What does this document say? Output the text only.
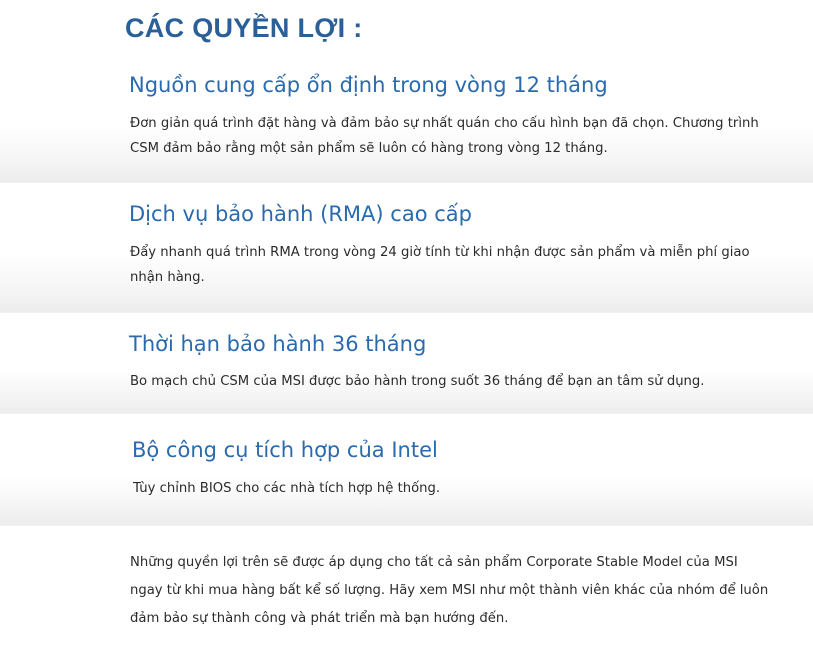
CÁC QUYỀN LỢI :
Nguồn cung cấp ổn định trong vòng 12 tháng

Đơn giản quá trình đặt hàng và đảm bảo sự nhất quán cho cấu hình bạn đã chọn. Chương trình CSM đảm bảo rằng một sản phẩm sẽ luôn có hàng trong vòng 12 tháng.

Dịch vụ bảo hành (RMA) cao cấp

Đẩy nhanh quá trình RMA trong vòng 24 giờ tính từ khi nhận được sản phẩm và miễn phí giao nhận hàng.

Thời hạn bảo hành 36 tháng

Bo mạch chủ CSM của MSI được bảo hành trong suốt 36 tháng để bạn an tâm sử dụng.

Bộ công cụ tích hợp của Intel

Tùy chỉnh BIOS cho các nhà tích hợp hệ thống.

Những quyền lợi trên sẽ được áp dụng cho tất cả sản phẩm Corporate Stable Model của MSI ngay từ khi mua hàng bất kể số lượng. Hãy xem MSI như một thành viên khác của nhóm để luôn đảm bảo sự thành công và phát triển mà bạn hướng đến.
